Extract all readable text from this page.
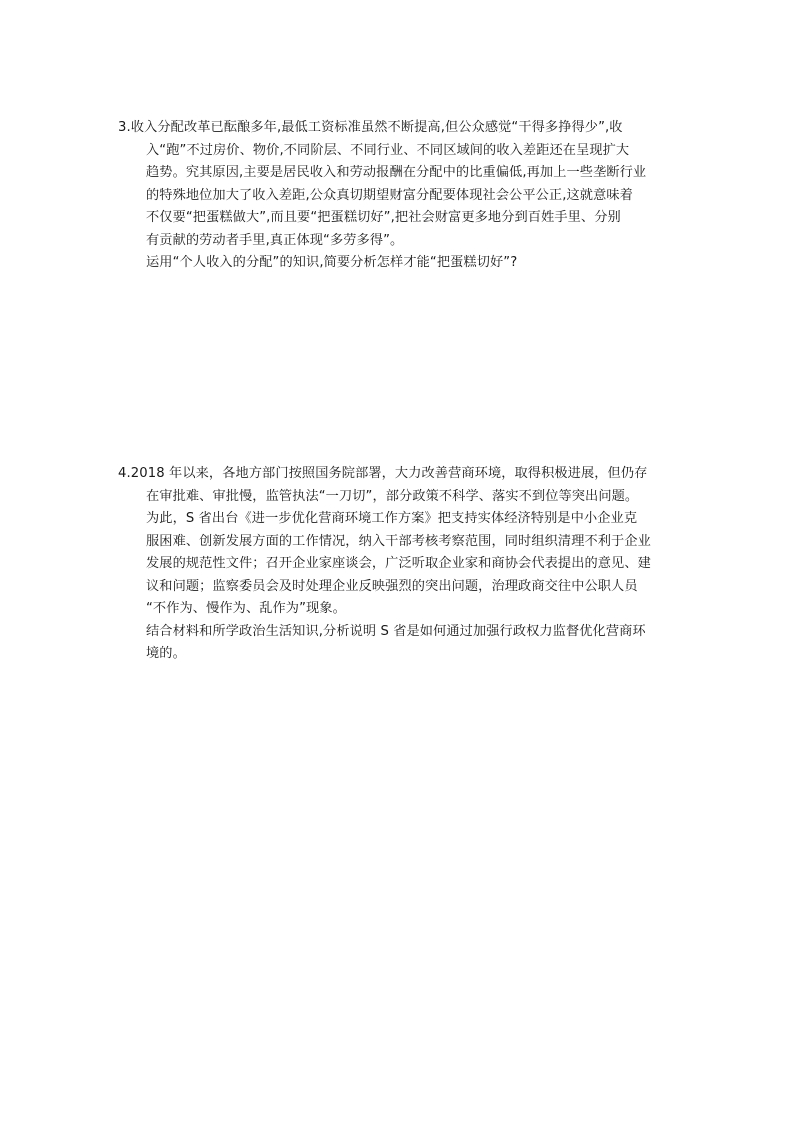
3.收入分配改革已酝酿多年,最低工资标准虽然不断提高,但公众感觉“干得多挣得少”,收
入“跑”不过房价、物价,不同阶层、不同行业、不同区域间的收入差距还在呈现扩大
趋势。究其原因,主要是居民收入和劳动报酬在分配中的比重偏低,再加上一些垄断行业
的特殊地位加大了收入差距,公众真切期望财富分配要体现社会公平公正,这就意味着
不仅要“把蛋糕做大”,而且要“把蛋糕切好”,把社会财富更多地分到百姓手里、分别
有贡献的劳动者手里,真正体现“多劳多得”。
运用“个人收入的分配”的知识,简要分析怎样才能“把蛋糕切好”?
4.2018 年以来，各地方部门按照国务院部署，大力改善营商环境，取得积极进展，但仍存
在审批难、审批慢，监管执法“一刀切”，部分政策不科学、落实不到位等突出问题。
为此，S 省出台《进一步优化营商环境工作方案》把支持实体经济特别是中小企业克
服困难、创新发展方面的工作情况，纳入干部考核考察范围，同时组织清理不利于企业
发展的规范性文件；召开企业家座谈会，广泛听取企业家和商协会代表提出的意见、建
议和问题；监察委员会及时处理企业反映强烈的突出问题，治理政商交往中公职人员
“不作为、慢作为、乱作为”现象。
结合材料和所学政治生活知识,分析说明 S 省是如何通过加强行政权力监督优化营商环
境的。
